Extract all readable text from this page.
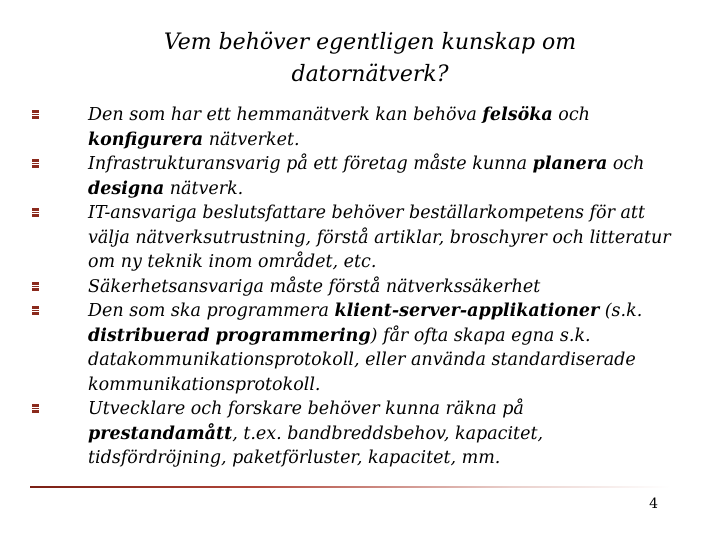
Vem behöver egentligen kunskap om datornätverk?
Den som har ett hemmanätverk kan behöva felsöka och konfigurera nätverket.
Infrastrukturansvarig på ett företag måste kunna planera och designa nätverk.
IT-ansvariga beslutsfattare behöver beställarkompetens för att välja nätverksutrustning, förstå artiklar, broschyrer och litteratur om ny teknik inom området, etc.
Säkerhetsansvariga måste förstå nätverkssäkerhet
Den som ska programmera klient-server-applikationer (s.k. distribuerad programmering) får ofta skapa egna s.k. datakommunikationsprotokoll, eller använda standardiserade kommunikationsprotokoll.
Utvecklare och forskare behöver kunna räkna på prestandamått, t.ex. bandbreddsbehov, kapacitet, tidsfördröjning, paketförluster, kapacitet, mm.
4
